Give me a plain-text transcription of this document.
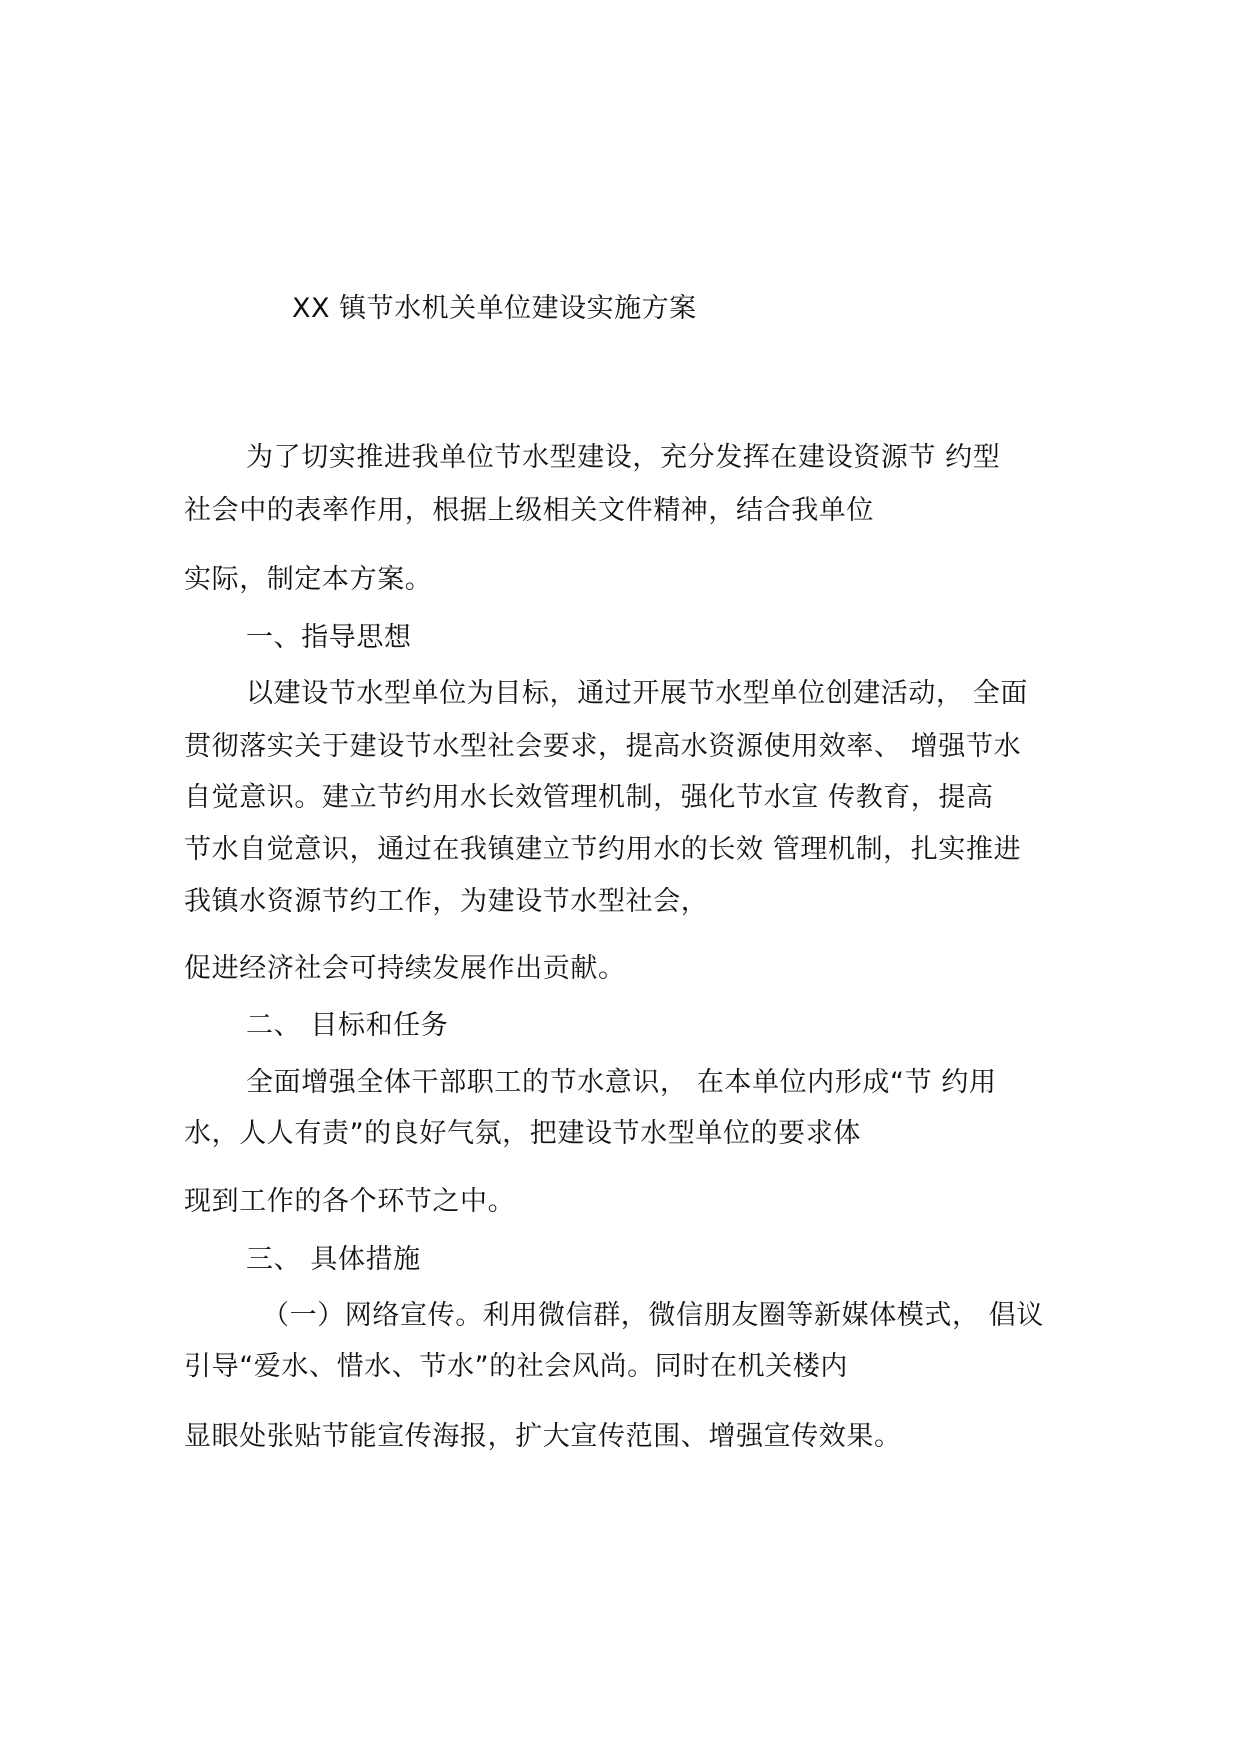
XX 镇节水机关单位建设实施方案
为了切实推进我单位节水型建设，充分发挥在建设资源节 约型
社会中的表率作用，根据上级相关文件精神，结合我单位
实际，制定本方案。
一、指导思想
以建设节水型单位为目标，通过开展节水型单位创建活动， 全面
贯彻落实关于建设节水型社会要求，提高水资源使用效率、 增强节水
自觉意识。建立节约用水长效管理机制，强化节水宣 传教育，提高
节水自觉意识，通过在我镇建立节约用水的长效 管理机制，扎实推进
我镇水资源节约工作，为建设节水型社会，
促进经济社会可持续发展作出贡献。
二、 目标和任务
全面增强全体干部职工的节水意识， 在本单位内形成“节 约用
水，人人有责”的良好气氛，把建设节水型单位的要求体
现到工作的各个环节之中。
三、 具体措施
（一）网络宣传。利用微信群，微信朋友圈等新媒体模式， 倡议
引导“爱水、惜水、节水”的社会风尚。同时在机关楼内
显眼处张贴节能宣传海报，扩大宣传范围、增强宣传效果。
